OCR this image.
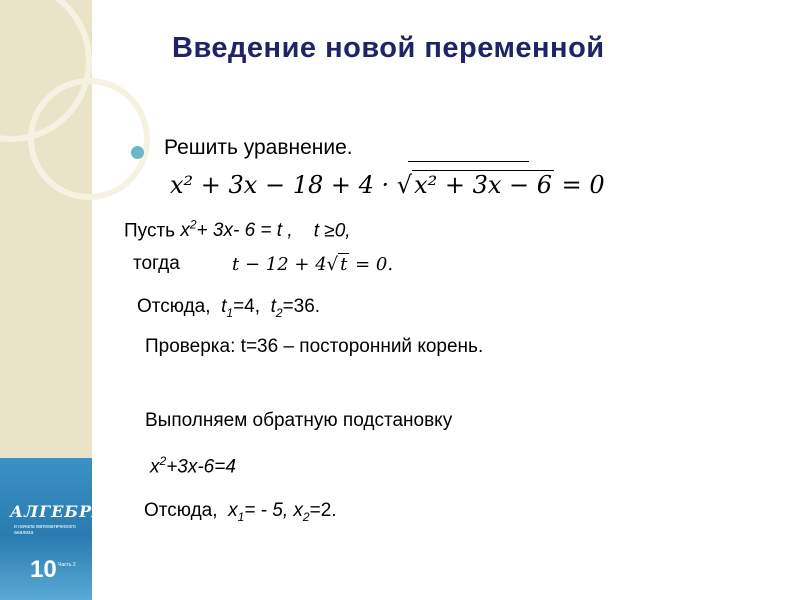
АЛГЕБРА
и начала математического анализа
10 Часть 2
Введение новой переменной
Решить уравнение.
x² + 3x − 18 + 4 · √x² + 3x − 6 = 0
Пусть $x^2+ 3x-$ 6 = t , t ≥0,
тогда	t − 12 + 4√ t = 0.
Отсюда, $t_1=4$, $t_2=36$.
Проверка: t=36 – посторонний корень.
Выполняем обратную подстановку
$x^2+3x-6=4$
Отсюда, $x_1= - 5$, $x_2=2$.
